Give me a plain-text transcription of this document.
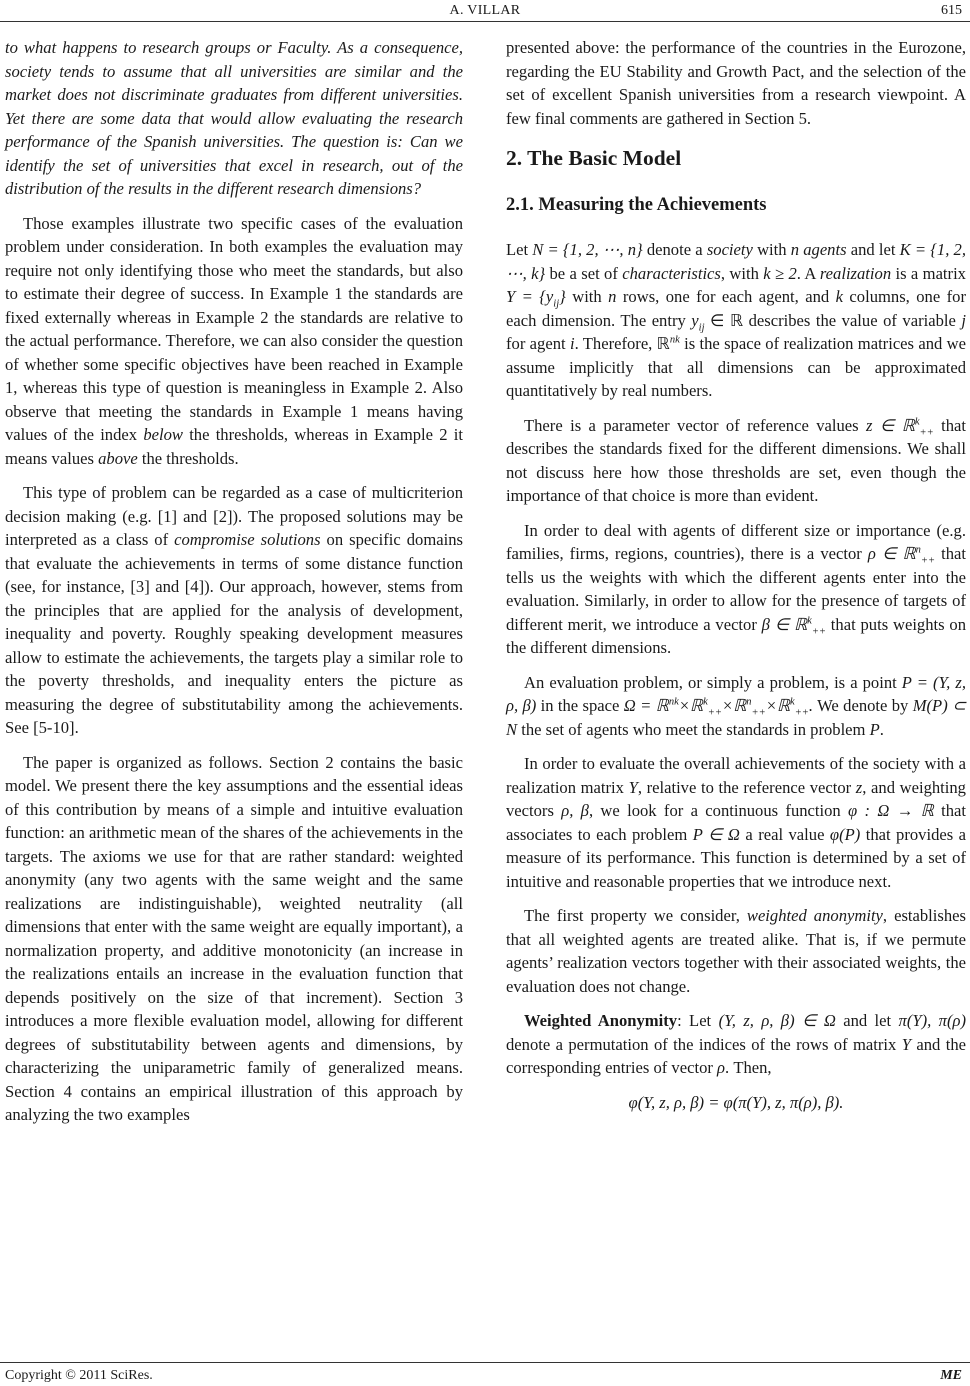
A. VILLAR	615

to what happens to research groups or Faculty. As a consequence, society tends to assume that all universities are similar and the market does not discriminate graduates from different universities. Yet there are some data that would allow evaluating the research performance of the Spanish universities. The question is: Can we identify the set of universities that excel in research, out of the distribution of the results in the different research dimensions?

Those examples illustrate two specific cases of the evaluation problem under consideration. In both examples the evaluation may require not only identifying those who meet the standards, but also to estimate their degree of success. In Example 1 the standards are fixed externally whereas in Example 2 the standards are relative to the actual performance. Therefore, we can also consider the question of whether some specific objectives have been reached in Example 1, whereas this type of question is meaningless in Example 2. Also observe that meeting the standards in Example 1 means having values of the index below the thresholds, whereas in Example 2 it means values above the thresholds.

This type of problem can be regarded as a case of multicriterion decision making (e.g. [1] and [2]). The proposed solutions may be interpreted as a class of compromise solutions on specific domains that evaluate the achievements in terms of some distance function (see, for instance, [3] and [4]). Our approach, however, stems from the principles that are applied for the analysis of development, inequality and poverty. Roughly speaking development measures allow to estimate the achievements, the targets play a similar role to the poverty thresholds, and inequality enters the picture as measuring the degree of substitutability among the achievements. See [5-10].

The paper is organized as follows. Section 2 contains the basic model. We present there the key assumptions and the essential ideas of this contribution by means of a simple and intuitive evaluation function: an arithmetic mean of the shares of the achievements in the targets. The axioms we use for that are rather standard: weighted anonymity (any two agents with the same weight and the same realizations are indistinguishable), weighted neutrality (all dimensions that enter with the same weight are equally important), a normalization property, and additive monotonicity (an increase in the realizations entails an increase in the evaluation function that depends positively on the size of that increment). Section 3 introduces a more flexible evaluation model, allowing for different degrees of substitutability between agents and dimensions, by characterizing the uniparametric family of generalized means. Section 4 contains an empirical illustration of this approach by analyzing the two examples

presented above: the performance of the countries in the Eurozone, regarding the EU Stability and Growth Pact, and the selection of the set of excellent Spanish universities from a research viewpoint. A few final comments are gathered in Section 5.

2. The Basic Model
2.1. Measuring the Achievements

Let N = {1, 2, ⋯, n} denote a society with n agents and let K = {1, 2, ⋯, k} be a set of characteristics, with k ≥ 2. A realization is a matrix $Y = \{y_{ij}\}$ with n rows, one for each agent, and k columns, one for each dimension. The entry $y_{ij}$ ∈ ℝ describes the value of variable j for agent i. Therefore, ℝ$^{nk}$ is the space of realization matrices and we assume implicitly that all dimensions can be approximated quantitatively by real numbers.

There is a parameter vector of reference values z ∈ ℝ$^k_{++}$ that describes the standards fixed for the different dimensions. We shall not discuss here how those thresholds are set, even though the importance of that choice is more than evident.

In order to deal with agents of different size or importance (e.g. families, firms, regions, countries), there is a vector ρ ∈ ℝ$^n_{++}$ that tells us the weights with which the different agents enter into the evaluation. Similarly, in order to allow for the presence of targets of different merit, we introduce a vector β ∈ ℝ$^k_{++}$ that puts weights on the different dimensions.

An evaluation problem, or simply a problem, is a point P = (Y, z, ρ, β) in the space Ω = ℝ$^{nk}$×ℝ$^k_{++}$×ℝ$^n_{++}$×ℝ$^k_{++}$. We denote by M(P) ⊂ N the set of agents who meet the standards in problem P.

In order to evaluate the overall achievements of the society with a realization matrix Y, relative to the reference vector z, and weighting vectors ρ, β, we look for a continuous function φ : Ω → ℝ that associates to each problem P ∈ Ω a real value φ(P) that provides a measure of its performance. This function is determined by a set of intuitive and reasonable properties that we introduce next.

The first property we consider, weighted anonymity, establishes that all weighted agents are treated alike. That is, if we permute agents’ realization vectors together with their associated weights, the evaluation does not change.

Weighted Anonymity: Let (Y, z, ρ, β) ∈ Ω and let π(Y), π(ρ) denote a permutation of the indices of the rows of matrix Y and the corresponding entries of vector ρ. Then,

φ(Y, z, ρ, β) = φ(π(Y), z, π(ρ), β).
Copyright © 2011 SciRes.	ME
